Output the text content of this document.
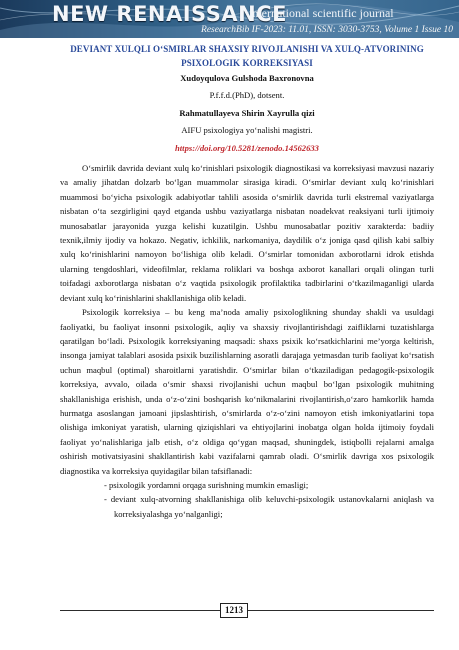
NEW RENAISSANCE
international scientific journal
ResearchBib IF-2023: 11.01, ISSN: 3030-3753, Volume 1 Issue 10

DEVIANT XULQLI O‘SMIRLAR SHAXSIY RIVOJLANISHI VA XULQ-ATVORINING

PSIXOLOGIK KORREKSIYASI

Xudoyqulova Gulshoda Baxronovna

P.f.f.d.(PhD), dotsent.

Rahmatullayeva Shirin Xayrulla qizi

AIFU psixologiya yo‘nalishi magistri.

https://doi.org/10.5281/zenodo.14562633

O‘smirlik davrida deviant xulq ko‘rinishlari psixologik diagnostikasi va korreksiyasi mavzusi nazariy va amaliy jihatdan dolzarb bo‘lgan muammolar sirasiga kiradi. O‘smirlar deviant xulq ko‘rinishlari muammosi bo‘yicha psixologik adabiyotlar tahlili asosida o‘smirlik davrida turli ekstremal vaziyatlarga nisbatan o‘ta sezgirligini qayd etganda ushbu vaziyatlarga nisbatan noadekvat reaksiyani turli ijtimoiy munosabatlar jarayonida yuzga kelishi kuzatilgin. Ushbu munosabatlar pozitiv xarakterda: badiiy texnik,ilmiy ijodiy va hokazo. Negativ, ichkilik, narkomaniya, daydilik o‘z joniga qasd qilish kabi salbiy xulq ko‘rinishlarini namoyon bo‘lishiga olib keladi. O‘smirlar tomonidan axborotlarni idrok etishda ularning tengdoshlari, videofilmlar, reklama roliklari va boshqa axborot kanallari orqali olingan turli toifadagi axborotlarga nisbatan o‘z vaqtida psixologik profilaktika tadbirlarini o‘tkazilmaganligi ularda deviant xulq ko‘rinishlarini shakllanishiga olib keladi.

Psixologik korreksiya – bu keng ma’noda amaliy psixologlikning shunday shakli va usuldagi faoliyatki, bu faoliyat insonni psixologik, aqliy va shaxsiy rivojlantirishdagi zaifliklarni tuzatishlarga qaratilgan bo‘ladi. Psixologik korreksiyaning maqsadi: shaxs psixik ko‘rsatkichlarini me’yorga keltirish, insonga jamiyat talablari asosida psixik buzilishlarning asoratli darajaga yetmasdan turib faoliyat ko‘rsatish uchun maqbul (optimal) sharoitlarni yaratishdir. O‘smirlar bilan o‘tkaziladigan pedagogik-psixologik korreksiya, avvalo, oilada o‘smir shaxsi rivojlanishi uchun maqbul bo‘lgan psixologik muhitning shakllanishiga erishish, unda o‘z-o‘zini boshqarish ko‘nikmalarini rivojlantirish,o‘zaro hamkorlik hamda hurmatga asoslangan jamoani jipslashtirish, o‘smirlarda o‘z-o‘zini namoyon etish imkoniyatlarini topa olishiga imkoniyat yaratish, ularning qiziqishlari va ehtiyojlarini inobatga olgan holda ijtimoiy foydali faoliyat yo‘nalishlariga jalb etish, o‘z oldiga qo‘ygan maqsad, shuningdek, istiqbolli rejalarni amalga oshirish motivatsiyasini shakllantirish kabi vazifalarni qamrab oladi. O‘smirlik davriga xos psixologik diagnostika va korreksiya quyidagilar bilan tafsiflanadi:

- psixologik yordamni orqaga surishning mumkin emasligi;

- deviant xulq-atvorning shakllanishiga olib keluvchi-psixologik ustanovkalarni aniqlash va korreksiyalashga yo‘nalganligi;

1213
